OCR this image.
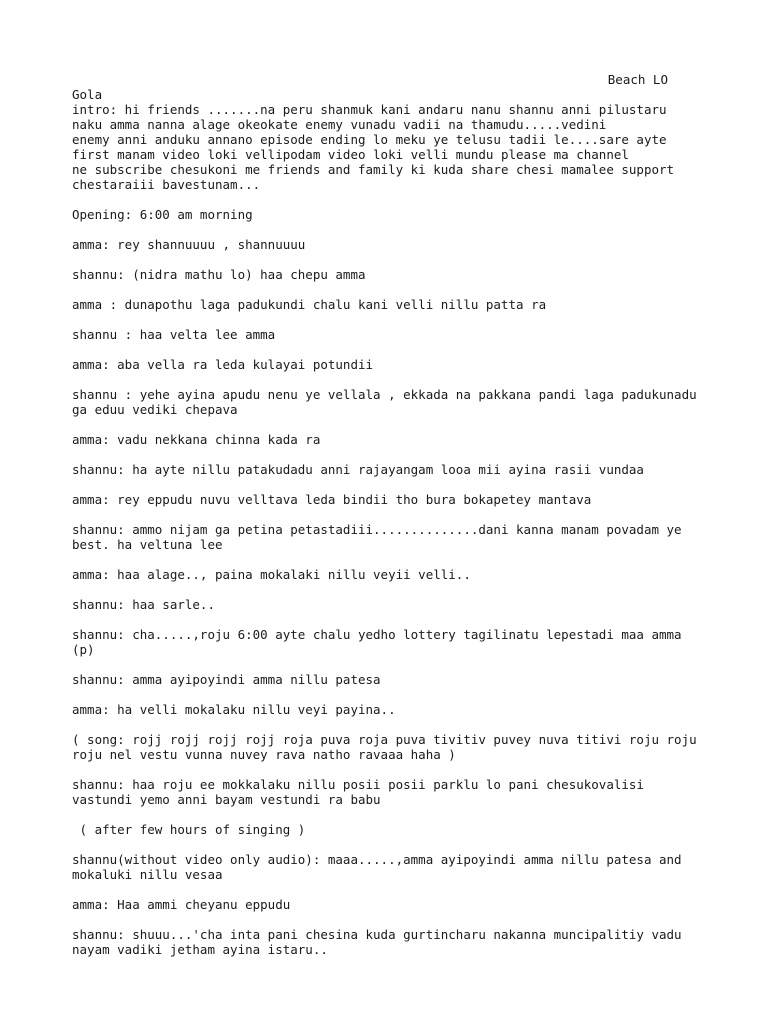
Beach LO
Gola
intro: hi friends .......na peru shanmuk kani andaru nanu shannu anni pilustaru
naku amma nanna alage okeokate enemy vunadu vadii na thamudu.....vedini
enemy anni anduku annano episode ending lo meku ye telusu tadii le....sare ayte
first manam video loki vellipodam video loki velli mundu please ma channel
ne subscribe chesukoni me friends and family ki kuda share chesi mamalee support
chestaraiii bavestunam...

Opening: 6:00 am morning

amma: rey shannuuuu , shannuuuu

shannu: (nidra mathu lo) haa chepu amma

amma : dunapothu laga padukundi chalu kani velli nillu patta ra

shannu : haa velta lee amma

amma: aba vella ra leda kulayai potundii

shannu : yehe ayina apudu nenu ye vellala , ekkada na pakkana pandi laga padukunadu
ga eduu vediki chepava

amma: vadu nekkana chinna kada ra

shannu: ha ayte nillu patakudadu anni rajayangam looa mii ayina rasii vundaa

amma: rey eppudu nuvu velltava leda bindii tho bura bokapetey mantava

shannu: ammo nijam ga petina petastadiii..............dani kanna manam povadam ye
best. ha veltuna lee

amma: haa alage.., paina mokalaki nillu veyii velli..

shannu: haa sarle..

shannu: cha.....,roju 6:00 ayte chalu yedho lottery tagilinatu lepestadi maa amma
(p)

shannu: amma ayipoyindi amma nillu patesa

amma: ha velli mokalaku nillu veyi payina..

( song: rojj rojj rojj rojj roja puva roja puva tivitiv puvey nuva titivi roju roju
roju nel vestu vunna nuvey rava natho ravaaa haha )

shannu: haa roju ee mokkalaku nillu posii posii parklu lo pani chesukovalisi
vastundi yemo anni bayam vestundi ra babu

( after few hours of singing )

shannu(without video only audio): maaa.....,amma ayipoyindi amma nillu patesa and
mokaluki nillu vesaa

amma: Haa ammi cheyanu eppudu

shannu: shuuu...'cha inta pani chesina kuda gurtincharu nakanna muncipalitiy vadu
nayam vadiki jetham ayina istaru..
